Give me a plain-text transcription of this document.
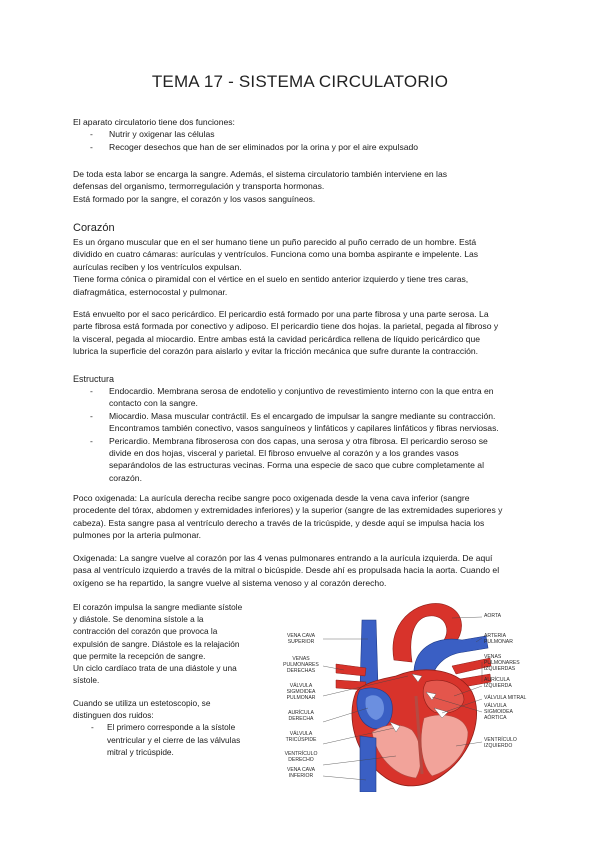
TEMA 17 - SISTEMA CIRCULATORIO
El aparato circulatorio tiene dos funciones:
- Nutrir y oxigenar las células
- Recoger desechos que han de ser eliminados por la orina y por el aire expulsado
De toda esta labor se encarga la sangre. Además, el sistema circulatorio también interviene en las
defensas del organismo, termorregulación y transporta hormonas.
Está formado por la sangre, el corazón y los vasos sanguíneos.
Corazón
Es un órgano muscular que en el ser humano tiene un puño parecido al puño cerrado de un hombre. Está
dividido en cuatro cámaras: aurículas y ventrículos. Funciona como una bomba aspirante e impelente. Las
aurículas reciben y los ventrículos expulsan.
Tiene forma cónica o piramidal con el vértice en el suelo en sentido anterior izquierdo y tiene tres caras,
diafragmática, esternocostal y pulmonar.
Está envuelto por el saco pericárdico. El pericardio está formado por una parte fibrosa y una parte serosa. La
parte fibrosa está formada por conectivo y adiposo. El pericardio tiene dos hojas. la parietal, pegada al fibroso y
la visceral, pegada al miocardio. Entre ambas está la cavidad pericárdica rellena de líquido pericárdico que
lubrica la superficie del corazón para aislarlo y evitar la fricción mecánica que sufre durante la contracción.
Estructura
- Endocardio. Membrana serosa de endotelio y conjuntivo de revestimiento interno con la que entra en
contacto con la sangre.
- Miocardio. Masa muscular contráctil. Es el encargado de impulsar la sangre mediante su contracción.
Encontramos también conectivo, vasos sanguíneos y linfáticos y capilares linfáticos y fibras nerviosas.
- Pericardio. Membrana fibroserosa con dos capas, una serosa y otra fibrosa. El pericardio seroso se
divide en dos hojas, visceral y parietal. El fibroso envuelve al corazón y a los grandes vasos
separándolos de las estructuras vecinas. Forma una especie de saco que cubre completamente al
corazón.
Poco oxigenada: La aurícula derecha recibe sangre poco oxigenada desde la vena cava inferior (sangre
procedente del tórax, abdomen y extremidades inferiores) y la superior (sangre de las extremidades superiores y
cabeza). Esta sangre pasa al ventrículo derecho a través de la tricúspide, y desde aquí se impulsa hacia los
pulmones por la arteria pulmonar.
Oxigenada: La sangre vuelve al corazón por las 4 venas pulmonares entrando a la aurícula izquierda. De aquí
pasa al ventrículo izquierdo a través de la mitral o bicúspide. Desde ahí es propulsada hacia la aorta. Cuando el
oxígeno se ha repartido, la sangre vuelve al sistema venoso y al corazón derecho.
El corazón impulsa la sangre mediante sístole
y diástole. Se denomina sístole a la
contracción del corazón que provoca la
expulsión de sangre. Diástole es la relajación
que permite la recepción de sangre.
Un ciclo cardíaco trata de una diástole y una
sístole.
Cuando se utiliza un estetoscopio, se
distinguen dos ruidos:
- El primero corresponde a la sístole
ventricular y el cierre de las válvulas
mitral y tricúspide.
VENA CAVA
SUPERIOR
VENAS
PULMONARES
DERECHAS
VÁLVULA
SIGMOIDEA
PULMONAR
AURÍCULA
DERECHA
VÁLVULA
TRICÚSPIDE
VENTRÍCULO
DERECHO
VENA CAVA
INFERIOR
AORTA
ARTERIA
PULMONAR
VENAS
PULMONARES
IZQUIERDAS
AURÍCULA
IZQUIERDA
VÁLVULA MITRAL
VÁLVULA
SIGMOIDEA
AÓRTICA
VENTRÍCULO
IZQUIERDO
